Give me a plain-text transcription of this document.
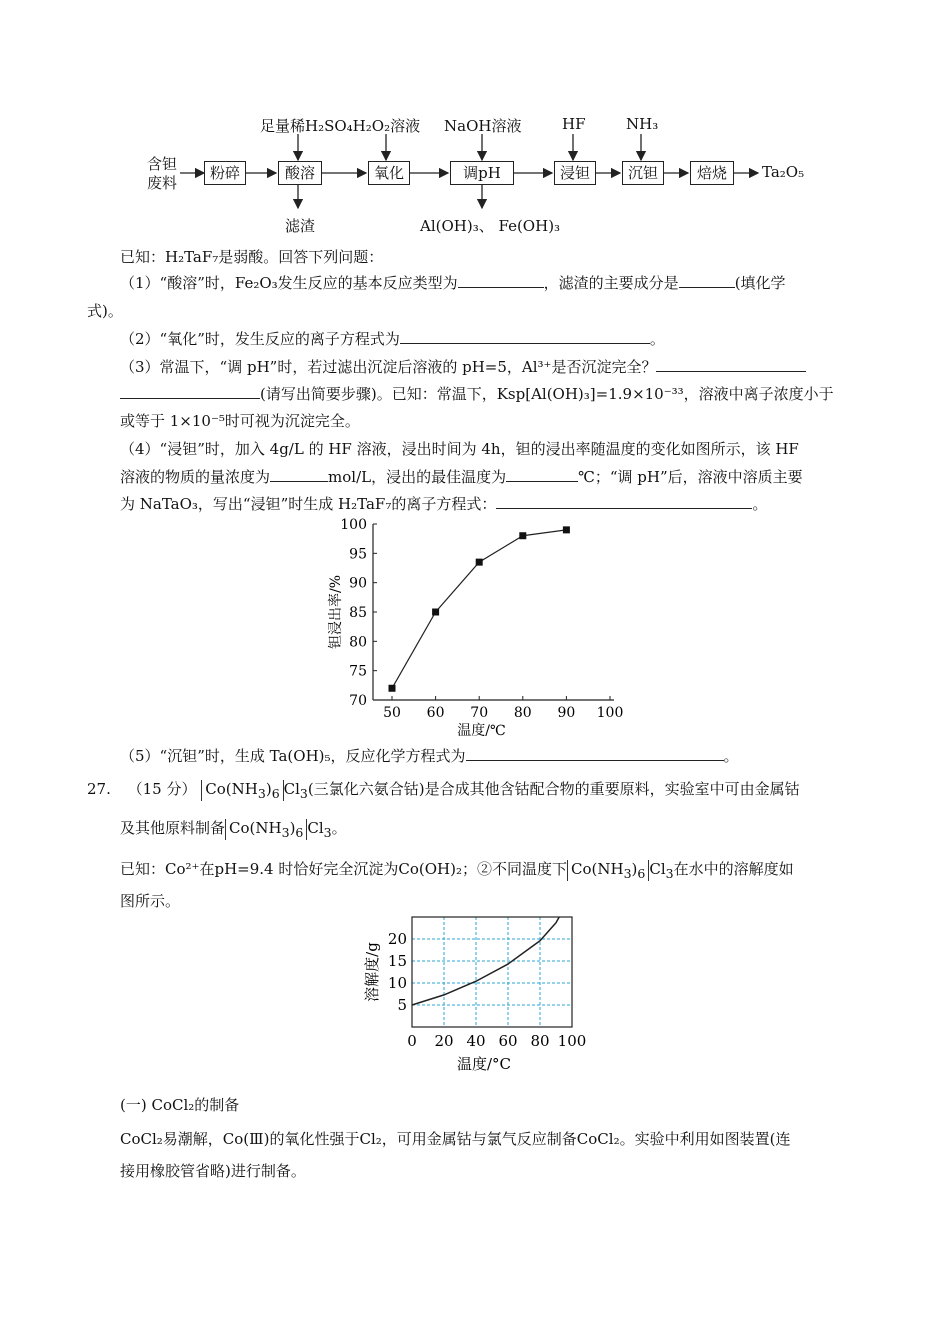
足量稀H₂SO₄H₂O₂溶液 NaOH溶液	HF	NH₃
含钽
废料
粉碎	酸溶	氧化	调pH	浸钽	沉钽	焙烧	Ta₂O₅
滤渣	Al(OH)₃、 Fe(OH)₃
已知：H₂TaF₇是弱酸。回答下列问题：
（1）“酸溶”时，Fe₂O₃发生反应的基本反应类型为	，滤渣的主要成分是	(填化学
式)。
（2）“氧化”时，发生反应的离子方程式为	。
（3）常温下，“调 pH”时，若过滤出沉淀后溶液的 pH=5，Al³⁺是否沉淀完全？
(请写出简要步骤)。已知：常温下，Ksp[Al(OH)₃]=1.9×10⁻³³，溶液中离子浓度小于
或等于 1×10⁻⁵时可视为沉淀完全。
（4）“浸钽”时，加入 4g/L 的 HF 溶液，浸出时间为 4h，钽的浸出率随温度的变化如图所示，该 HF
溶液的物质的量浓度为	mol/L，浸出的最佳温度为	℃；“调 pH”后，溶液中溶质主要
为 NaTaO₃，写出“浸钽”时生成 H₂TaF₇的离子方程式：	。
70
75
80
85
90
95
100
50 60 70 80 90 100
温度/℃
钽浸出率/%
（5）“沉钽”时，生成 Ta(OH)₅，反应化学方程式为	。
27. （15 分） $Co(NH_3)_6$ $Cl_3$(三氯化六氨合钴)是合成其他含钴配合物的重要原料，实验室中可由金属钴
及其他原料制备 $Co(NH_3)_6$ $Cl_3$。
已知：Co²⁺在pH=9.4 时恰好完全沉淀为Co(OH)₂；②不同温度下 $Co(NH_3)_6$ $Cl_3$在水中的溶解度如
图所示。
5
10
15
20
0 20 40 60 80 100
温度/°C
溶解度/g
(一) CoCl₂的制备
CoCl₂易潮解，Co(Ⅲ)的氧化性强于Cl₂，可用金属钴与氯气反应制备CoCl₂。实验中利用如图装置(连
接用橡胶管省略)进行制备。
